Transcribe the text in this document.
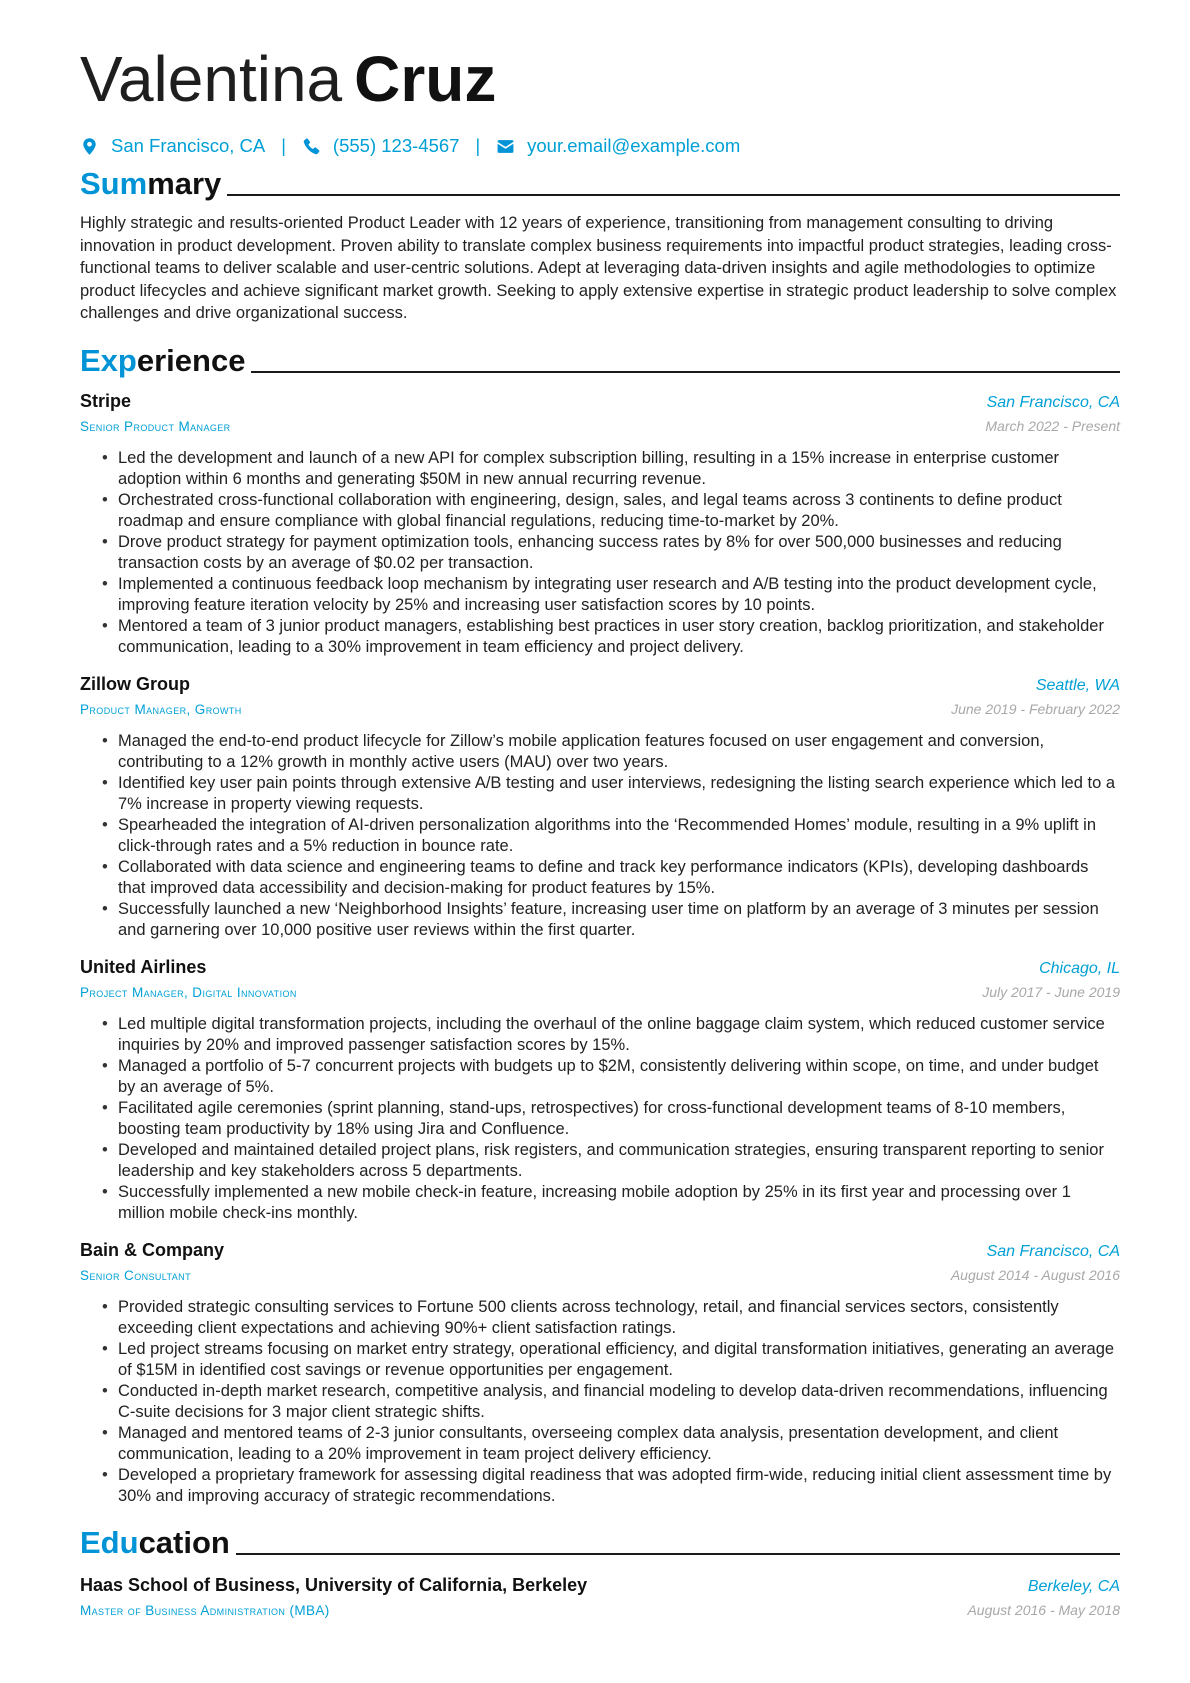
Valentina Cruz
San Francisco, CA |	(555) 123-4567 |	your.email@example.com
Summary
Highly strategic and results-oriented Product Leader with 12 years of experience, transitioning from management consulting to driving innovation in product development. Proven ability to translate complex business requirements into impactful product strategies, leading cross-functional teams to deliver scalable and user-centric solutions. Adept at leveraging data-driven insights and agile methodologies to optimize product lifecycles and achieve significant market growth. Seeking to apply extensive expertise in strategic product leadership to solve complex challenges and drive organizational success.
Experience
Stripe	San Francisco, CA
Senior Product Manager	March 2022 - Present
• Led the development and launch of a new API for complex subscription billing, resulting in a 15% increase in enterprise customer adoption within 6 months and generating $50M in new annual recurring revenue.
• Orchestrated cross-functional collaboration with engineering, design, sales, and legal teams across 3 continents to define product roadmap and ensure compliance with global financial regulations, reducing time-to-market by 20%.
• Drove product strategy for payment optimization tools, enhancing success rates by 8% for over 500,000 businesses and reducing transaction costs by an average of $0.02 per transaction.
• Implemented a continuous feedback loop mechanism by integrating user research and A/B testing into the product development cycle, improving feature iteration velocity by 25% and increasing user satisfaction scores by 10 points.
• Mentored a team of 3 junior product managers, establishing best practices in user story creation, backlog prioritization, and stakeholder communication, leading to a 30% improvement in team efficiency and project delivery.
Zillow Group	Seattle, WA
Product Manager, Growth	June 2019 - February 2022
• Managed the end-to-end product lifecycle for Zillow’s mobile application features focused on user engagement and conversion, contributing to a 12% growth in monthly active users (MAU) over two years.
• Identified key user pain points through extensive A/B testing and user interviews, redesigning the listing search experience which led to a 7% increase in property viewing requests.
• Spearheaded the integration of AI-driven personalization algorithms into the ‘Recommended Homes’ module, resulting in a 9% uplift in click-through rates and a 5% reduction in bounce rate.
• Collaborated with data science and engineering teams to define and track key performance indicators (KPIs), developing dashboards that improved data accessibility and decision-making for product features by 15%.
• Successfully launched a new ‘Neighborhood Insights’ feature, increasing user time on platform by an average of 3 minutes per session and garnering over 10,000 positive user reviews within the first quarter.
United Airlines	Chicago, IL
Project Manager, Digital Innovation	July 2017 - June 2019
• Led multiple digital transformation projects, including the overhaul of the online baggage claim system, which reduced customer service inquiries by 20% and improved passenger satisfaction scores by 15%.
• Managed a portfolio of 5-7 concurrent projects with budgets up to $2M, consistently delivering within scope, on time, and under budget by an average of 5%.
• Facilitated agile ceremonies (sprint planning, stand-ups, retrospectives) for cross-functional development teams of 8-10 members, boosting team productivity by 18% using Jira and Confluence.
• Developed and maintained detailed project plans, risk registers, and communication strategies, ensuring transparent reporting to senior leadership and key stakeholders across 5 departments.
• Successfully implemented a new mobile check-in feature, increasing mobile adoption by 25% in its first year and processing over 1 million mobile check-ins monthly.
Bain & Company	San Francisco, CA
Senior Consultant	August 2014 - August 2016
• Provided strategic consulting services to Fortune 500 clients across technology, retail, and financial services sectors, consistently exceeding client expectations and achieving 90%+ client satisfaction ratings.
• Led project streams focusing on market entry strategy, operational efficiency, and digital transformation initiatives, generating an average of $15M in identified cost savings or revenue opportunities per engagement.
• Conducted in-depth market research, competitive analysis, and financial modeling to develop data-driven recommendations, influencing C-suite decisions for 3 major client strategic shifts.
• Managed and mentored teams of 2-3 junior consultants, overseeing complex data analysis, presentation development, and client communication, leading to a 20% improvement in team project delivery efficiency.
• Developed a proprietary framework for assessing digital readiness that was adopted firm-wide, reducing initial client assessment time by 30% and improving accuracy of strategic recommendations.
Education
Haas School of Business, University of California, Berkeley	Berkeley, CA
Master of Business Administration (MBA)	August 2016 - May 2018
